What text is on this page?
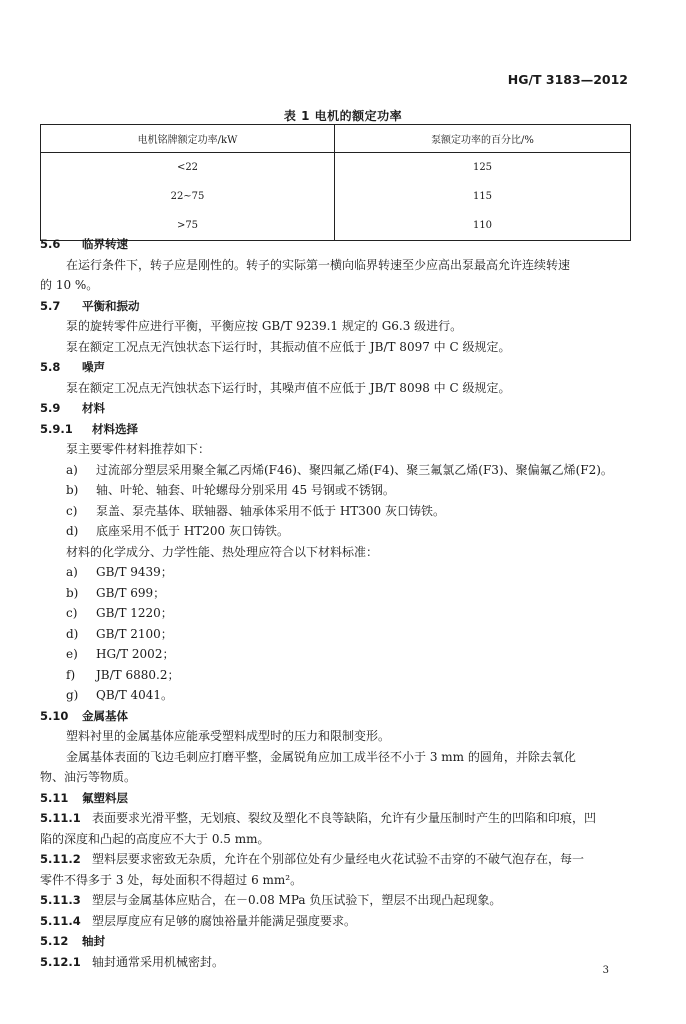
HG/T 3183—2012
表 1 电机的额定功率
电机铭牌额定功率/kW	泵额定功率的百分比/%
<22	125
22~75	115
>75	110
5.6 临界转速
在运行条件下，转子应是刚性的。转子的实际第一横向临界转速至少应高出泵最高允许连续转速
的 10 %。
5.7 平衡和振动
泵的旋转零件应进行平衡，平衡应按 GB/T 9239.1 规定的 G6.3 级进行。
泵在额定工况点无汽蚀状态下运行时，其振动值不应低于 JB/T 8097 中 C 级规定。
5.8 噪声
泵在额定工况点无汽蚀状态下运行时，其噪声值不应低于 JB/T 8098 中 C 级规定。
5.9 材料
5.9.1 材料选择
泵主要零件材料推荐如下：
a) 过流部分塑层采用聚全氟乙丙烯(F46)、聚四氟乙烯(F4)、聚三氟氯乙烯(F3)、聚偏氟乙烯(F2)。
b) 轴、叶轮、轴套、叶轮螺母分别采用 45 号钢或不锈钢。
c) 泵盖、泵壳基体、联轴器、轴承体采用不低于 HT300 灰口铸铁。
d) 底座采用不低于 HT200 灰口铸铁。
材料的化学成分、力学性能、热处理应符合以下材料标准：
a) GB/T 9439；
b) GB/T 699；
c) GB/T 1220；
d) GB/T 2100；
e) HG/T 2002；
f) JB/T 6880.2；
g) QB/T 4041。
5.10 金属基体
塑料衬里的金属基体应能承受塑料成型时的压力和限制变形。
金属基体表面的飞边毛刺应打磨平整，金属锐角应加工成半径不小于 3 mm 的圆角，并除去氧化
物、油污等物质。
5.11 氟塑料层
5.11.1 表面要求光滑平整，无划痕、裂纹及塑化不良等缺陷，允许有少量压制时产生的凹陷和印痕，凹
陷的深度和凸起的高度应不大于 0.5 mm。
5.11.2 塑料层要求密致无杂质，允许在个别部位处有少量经电火花试验不击穿的不破气泡存在，每一
零件不得多于 3 处，每处面积不得超过 6 mm²。
5.11.3 塑层与金属基体应贴合，在－0.08 MPa 负压试验下，塑层不出现凸起现象。
5.11.4 塑层厚度应有足够的腐蚀裕量并能满足强度要求。
5.12 轴封
5.12.1 轴封通常采用机械密封。
3
